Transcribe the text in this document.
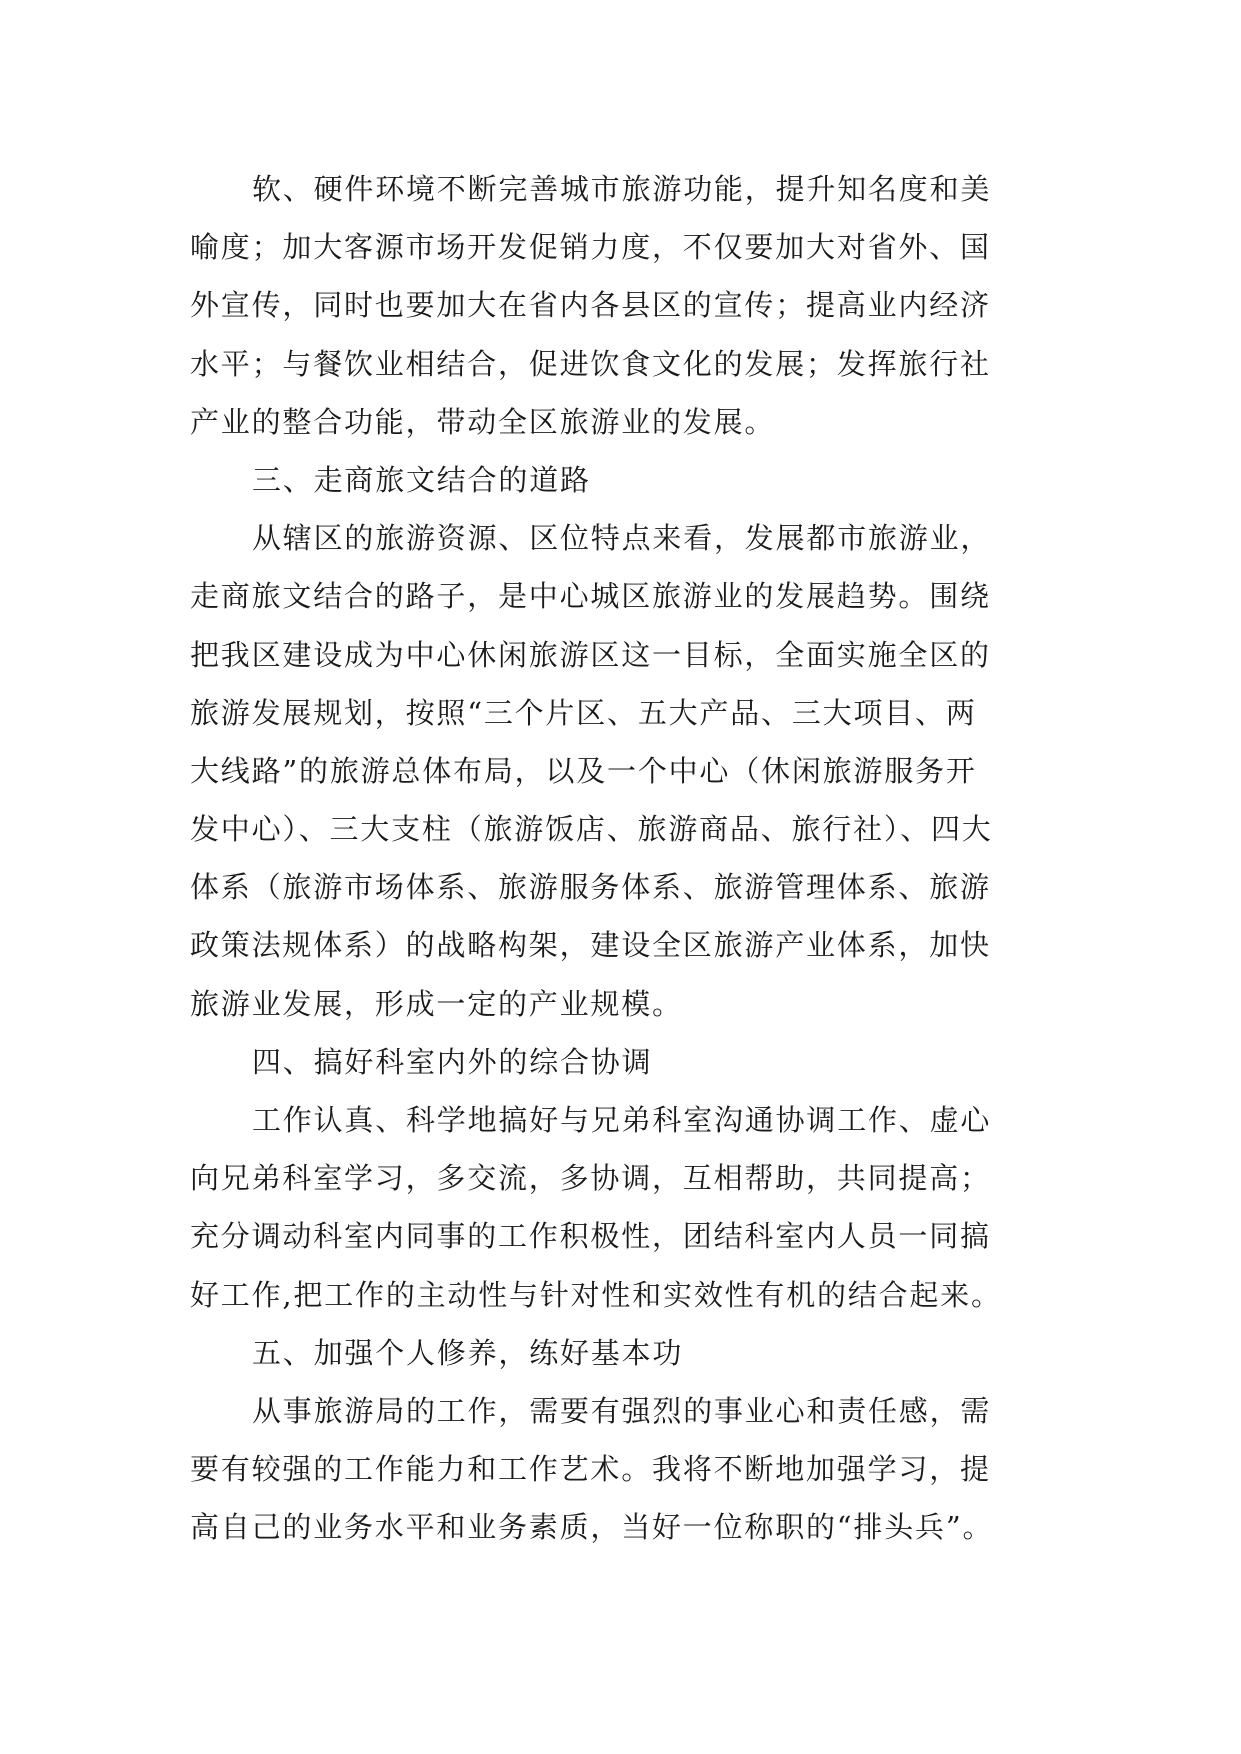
软、硬件环境不断完善城市旅游功能，提升知名度和美
喻度；加大客源市场开发促销力度，不仅要加大对省外、国
外宣传，同时也要加大在省内各县区的宣传；提高业内经济
水平；与餐饮业相结合，促进饮食文化的发展；发挥旅行社
产业的整合功能，带动全区旅游业的发展。
三、走商旅文结合的道路
从辖区的旅游资源、区位特点来看，发展都市旅游业，
走商旅文结合的路子，是中心城区旅游业的发展趋势。围绕
把我区建设成为中心休闲旅游区这一目标，全面实施全区的
旅游发展规划，按照“三个片区、五大产品、三大项目、两
大线路”的旅游总体布局，以及一个中心（休闲旅游服务开
发中心）、三大支柱（旅游饭店、旅游商品、旅行社）、四大
体系（旅游市场体系、旅游服务体系、旅游管理体系、旅游
政策法规体系）的战略构架，建设全区旅游产业体系，加快
旅游业发展，形成一定的产业规模。
四、搞好科室内外的综合协调
工作认真、科学地搞好与兄弟科室沟通协调工作、虚心
向兄弟科室学习，多交流，多协调，互相帮助，共同提高；
充分调动科室内同事的工作积极性，团结科室内人员一同搞
好工作,把工作的主动性与针对性和实效性有机的结合起来。
五、加强个人修养，练好基本功
从事旅游局的工作，需要有强烈的事业心和责任感，需
要有较强的工作能力和工作艺术。我将不断地加强学习，提
高自己的业务水平和业务素质，当好一位称职的“排头兵”。
